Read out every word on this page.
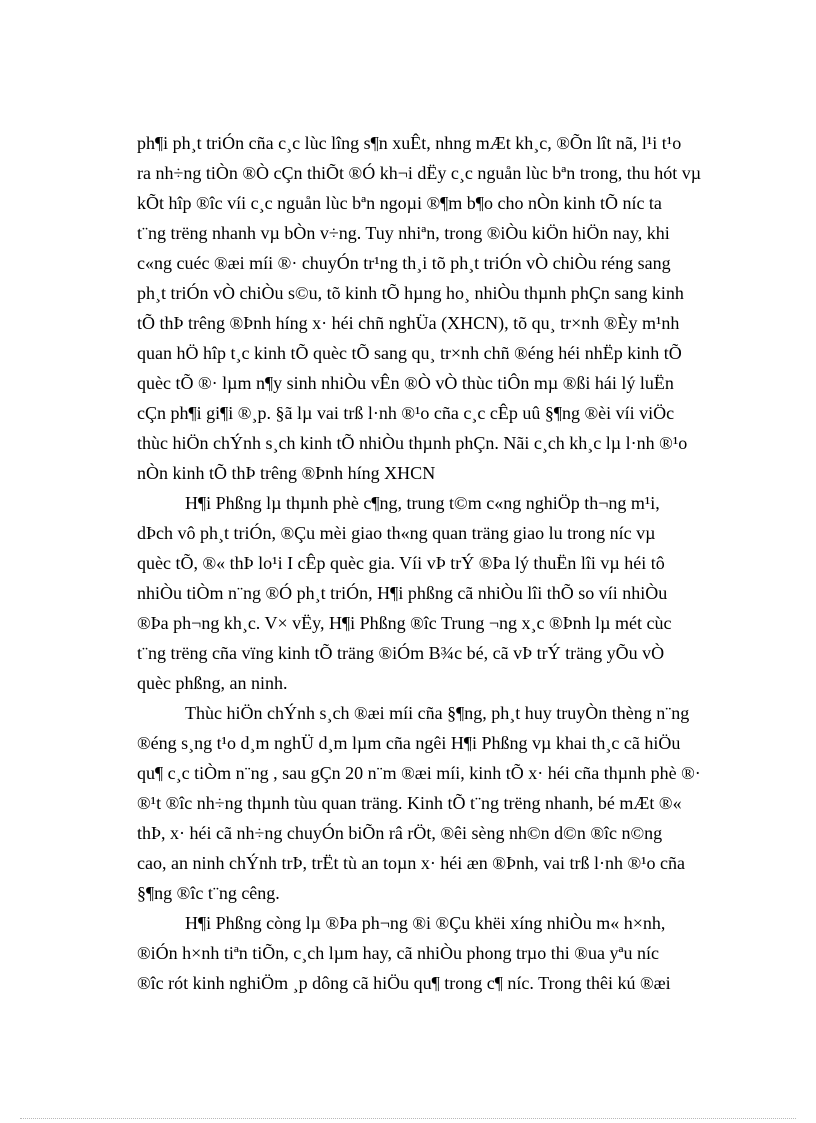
ph¶i ph¸t triÓn cña c¸c lùc lîng s¶n xuÊt, nhng mÆt kh¸c, ®Õn lît nã, l¹i t¹o
ra nh÷ng tiÒn ®Ò cÇn thiÕt ®Ó kh¬i dËy c¸c nguån lùc bªn trong, thu hót vµ
kÕt hîp ®îc víi c¸c nguån lùc bªn ngoµi ®¶m b¶o cho nÒn kinh tÕ níc ta
t¨ng trëng nhanh vµ bÒn v÷ng. Tuy nhiªn, trong ®iÒu kiÖn hiÖn nay, khi
c«ng cuéc ®æi míi ®· chuyÓn tr¹ng th¸i tõ ph¸t triÓn vÒ chiÒu réng sang
ph¸t triÓn vÒ chiÒu s©u, tõ kinh tÕ hµng ho¸ nhiÒu thµnh phÇn sang kinh
tÕ thÞ trêng ®Þnh híng x· héi chñ nghÜa (XHCN), tõ qu¸ tr×nh ®Èy m¹nh
quan hÖ hîp t¸c kinh tÕ quèc tÕ sang qu¸ tr×nh chñ ®éng héi nhËp kinh tÕ
quèc tÕ ®· lµm n¶y sinh nhiÒu vÊn ®Ò vÒ thùc tiÔn mµ ®ßi hái lý luËn
cÇn ph¶i gi¶i ®¸p. §ã lµ vai trß l·nh ®¹o cña c¸c cÊp uû §¶ng ®èi víi viÖc
thùc hiÖn chÝnh s¸ch kinh tÕ nhiÒu thµnh phÇn. Nãi c¸ch kh¸c lµ l·nh ®¹o
nÒn kinh tÕ thÞ trêng ®Þnh híng XHCN
H¶i Phßng lµ thµnh phè c¶ng, trung t©m c«ng nghiÖp th¬ng m¹i,
dÞch vô ph¸t triÓn, ®Çu mèi giao th«ng quan träng giao lu trong níc vµ
quèc tÕ, ®« thÞ lo¹i I cÊp quèc gia. Víi vÞ trÝ ®Þa lý thuËn lîi vµ héi tô
nhiÒu tiÒm n¨ng ®Ó ph¸t triÓn, H¶i phßng cã nhiÒu lîi thÕ so víi nhiÒu
®Þa ph¬ng kh¸c. V× vËy, H¶i Phßng ®îc Trung ¬ng x¸c ®Þnh lµ mét cùc
t¨ng trëng cña vïng kinh tÕ träng ®iÓm B¾c bé, cã vÞ trÝ träng yÕu vÒ
quèc phßng, an ninh.
Thùc hiÖn chÝnh s¸ch ®æi míi cña §¶ng, ph¸t huy truyÒn thèng n¨ng
®éng s¸ng t¹o d¸m nghÜ d¸m lµm cña ngêi H¶i Phßng vµ khai th¸c cã hiÖu
qu¶ c¸c tiÒm n¨ng , sau gÇn 20 n¨m ®æi míi, kinh tÕ x· héi cña thµnh phè ®·
®¹t ®îc nh÷ng thµnh tùu quan träng. Kinh tÕ t¨ng trëng nhanh, bé mÆt ®«
thÞ, x· héi cã nh÷ng chuyÓn biÕn râ rÖt, ®êi sèng nh©n d©n ®îc n©ng
cao, an ninh chÝnh trÞ, trËt tù an toµn x· héi æn ®Þnh, vai trß l·nh ®¹o cña
§¶ng ®îc t¨ng cêng.
H¶i Phßng còng lµ ®Þa ph¬ng ®i ®Çu khëi xíng nhiÒu m« h×nh,
®iÓn h×nh tiªn tiÕn, c¸ch lµm hay, cã nhiÒu phong trµo thi ®ua yªu níc
®îc rót kinh nghiÖm ¸p dông cã hiÖu qu¶ trong c¶ níc. Trong thêi kú ®æi
